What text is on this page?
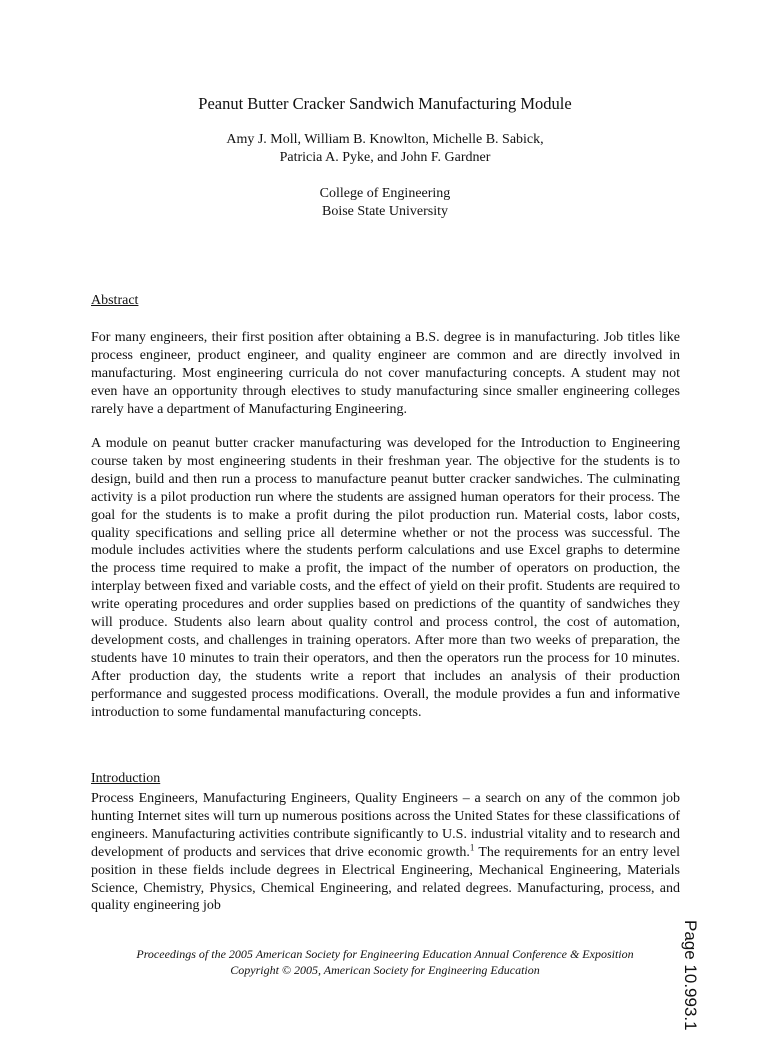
Peanut Butter Cracker Sandwich Manufacturing Module
Amy J. Moll, William B. Knowlton, Michelle B. Sabick,
Patricia A. Pyke, and John F. Gardner
College of Engineering
Boise State University
Abstract

For many engineers, their first position after obtaining a B.S. degree is in manufacturing. Job titles like process engineer, product engineer, and quality engineer are common and are directly involved in manufacturing. Most engineering curricula do not cover manufacturing concepts. A student may not even have an opportunity through electives to study manufacturing since smaller engineering colleges rarely have a department of Manufacturing Engineering.

A module on peanut butter cracker manufacturing was developed for the Introduction to Engineering course taken by most engineering students in their freshman year. The objective for the students is to design, build and then run a process to manufacture peanut butter cracker sandwiches. The culminating activity is a pilot production run where the students are assigned human operators for their process. The goal for the students is to make a profit during the pilot production run. Material costs, labor costs, quality specifications and selling price all determine whether or not the process was successful. The module includes activities where the students perform calculations and use Excel graphs to determine the process time required to make a profit, the impact of the number of operators on production, the interplay between fixed and variable costs, and the effect of yield on their profit. Students are required to write operating procedures and order supplies based on predictions of the quantity of sandwiches they will produce. Students also learn about quality control and process control, the cost of automation, development costs, and challenges in training operators. After more than two weeks of preparation, the students have 10 minutes to train their operators, and then the operators run the process for 10 minutes. After production day, the students write a report that includes an analysis of their production performance and suggested process modifications. Overall, the module provides a fun and informative introduction to some fundamental manufacturing concepts.

Introduction

Process Engineers, Manufacturing Engineers, Quality Engineers – a search on any of the common job hunting Internet sites will turn up numerous positions across the United States for these classifications of engineers. Manufacturing activities contribute significantly to U.S. industrial vitality and to research and development of products and services that drive economic growth.$^1$ The requirements for an entry level position in these fields include degrees in Electrical Engineering, Mechanical Engineering, Materials Science, Chemistry, Physics, Chemical Engineering, and related degrees. Manufacturing, process, and quality engineering job

Proceedings of the 2005 American Society for Engineering Education Annual Conference & Exposition
Copyright © 2005, American Society for Engineering Education	Page 10.993.1
